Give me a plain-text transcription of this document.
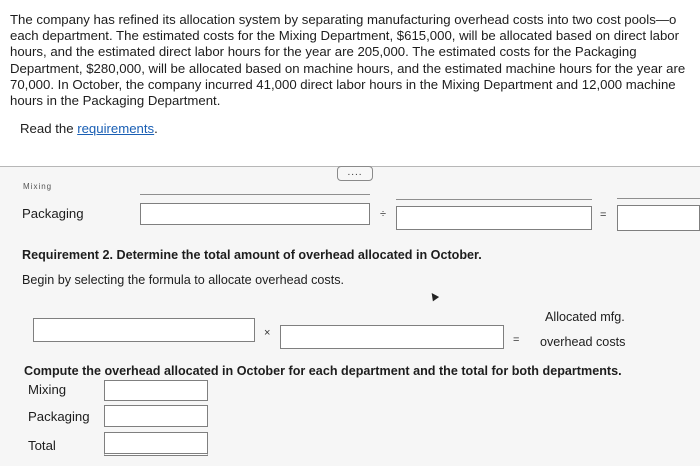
The company has refined its allocation system by separating manufacturing overhead costs into two cost pools—o
each department. The estimated costs for the Mixing Department, $615,000, will be allocated based on direct labor
hours, and the estimated direct labor hours for the year are 205,000. The estimated costs for the Packaging
Department, $280,000, will be allocated based on machine hours, and the estimated machine hours for the year are
70,000. In October, the company incurred 41,000 direct labor hours in the Mixing Department and 12,000 machine
hours in the Packaging Department.
Read the requirements.
....
Mixing
Packaging	÷	=
Requirement 2. Determine the total amount of overhead allocated in October.
Begin by selecting the formula to allocate overhead costs.
▲
×
=
Allocated mfg.
overhead costs
Compute the overhead allocated in October for each department and the total for both departments.
Mixing
Packaging
Total
